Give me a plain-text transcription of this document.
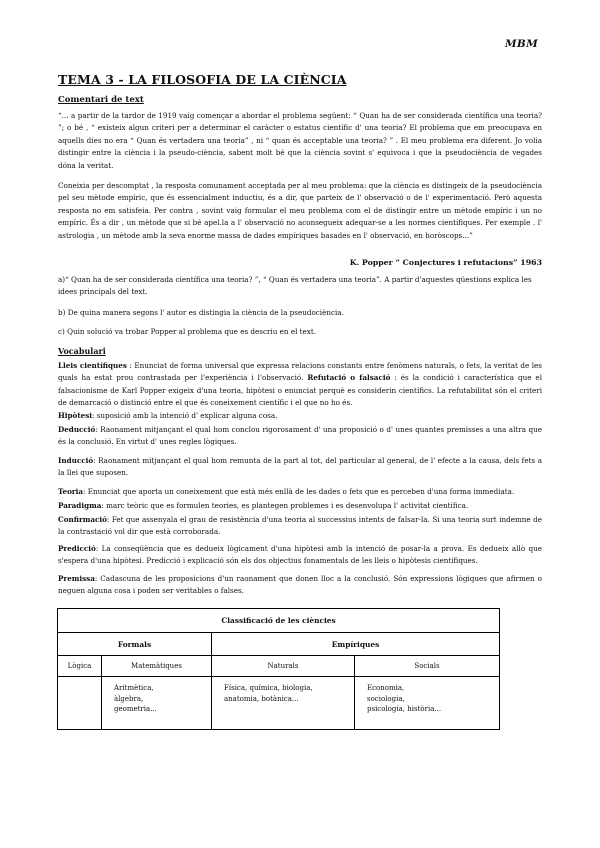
MBM
TEMA 3 - LA FILOSOFIA DE LA CIÈNCIA
Comentari de text

“... a partir de la tardor de 1919 vaig començar a abordar el problema següent: “ Quan ha de ser considerada científica una teoria? ”; o bé , “ existeix algun criteri per a determinar el caràcter o estatus científic d' una teoria? El problema que em preocupava en aquells dies no era “ Quan és vertadera una teoria” , ni “ quan és acceptable una teoria? ” . El meu problema era diferent. Jo volia distingir entre la ciència i la pseudo-ciència, sabent molt bé que la ciència sovint s' equivoca i que la pseudociència de vegades dóna la veritat.

Coneixia per descomptat , la resposta comunament acceptada per al meu problema: que la ciència es distingeix de la pseudociència pel seu mètode empíric, que és essencialment inductiu, és a dir, que parteix de l' observació o de l' experimentació. Però aquesta resposta no em satisfeia. Per contra , sovint vaig formular el meu problema com el de distingir entre un mètode empíric i un no empíric. És a dir , un mètode que si bé apel.la a l' observació no aconsegueix adequar-se a les normes científiques. Per exemple . l' astrologia , un mètode amb la seva enorme massa de dades empíriques basades en l' observació, en horòscops...”

K. Popper “ Conjectures i refutacions” 1963

a)“ Quan ha de ser considerada científica una teoria? ”, “ Quan és vertadera una teoria”. A partir d'aquestes qüestions explica les idees principals del text.

b) De quina manera segons l' autor es distingia la ciència de la pseudociència.

c) Quin solució va trobar Popper al problema que es descriu en el text.

Vocabulari

Lleis científiques : Enunciat de forma universal que expressa relacions constants entre fenòmens naturals, o fets, la veritat de les quals ha estat prou contrastada per l'experiència i l'observació. Refutació o falsació : és la condició i característica que el falsacionisme de Karl Popper exigeix d'una teoria, hipòtesi o enunciat perquè es considerin científics. La refutabilitat són el criteri de demarcació o distinció entre el que és coneixement científic i el que no ho és.

Hipòtesi: suposició amb la intenció d' explicar alguna cosa.

Deducció: Raonament mitjançant el qual hom conclou rigorosament d' una proposició o d' unes quantes premisses a una altra que és la conclusió. En virtut d' unes regles lògiques.

Inducció: Raonament mitjançant el qual hom remunta de la part al tot, del particular al general, de l' efecte a la causa, dels fets a la llei que suposen.

Teoria: Enunciat que aporta un coneixement que està més enllà de les dades o fets que es perceben d'una forma immediata.

Paradigma: marc teòric que es formulen teories, es plantegen problemes i es desenvolupa l' activitat científica.

Confirmació: Fet que assenyala el grau de resistència d'una teoria al successius intents de falsar-la. Si una teoria surt indemne de la contrastació vol dir que està corroborada.

Predicció: La conseqüència que es dedueix lògicament d'una hipòtesi amb la intenció de posar-la a prova. Es dedueix allò que s'espera d'una hipòtesi. Predicció i explicació són els dos objectius fonamentals de les lleis o hipòtesis científiques.

Premissa: Cadascuna de les proposicions d'un raonament que donen lloc a la conclusió. Són expressions lògiques que afirmen o neguen alguna cosa i poden ser veritables o falses.

Classificació de les ciències			
Formals		Empíriques	
Lògica	Matemàtiques	Naturals	Socials
	Aritmètica,
àlgebra,
geometria...	Física, química, biologia,
anatomia, botànica...	Economia,
sociologia,
psicologia, història...
